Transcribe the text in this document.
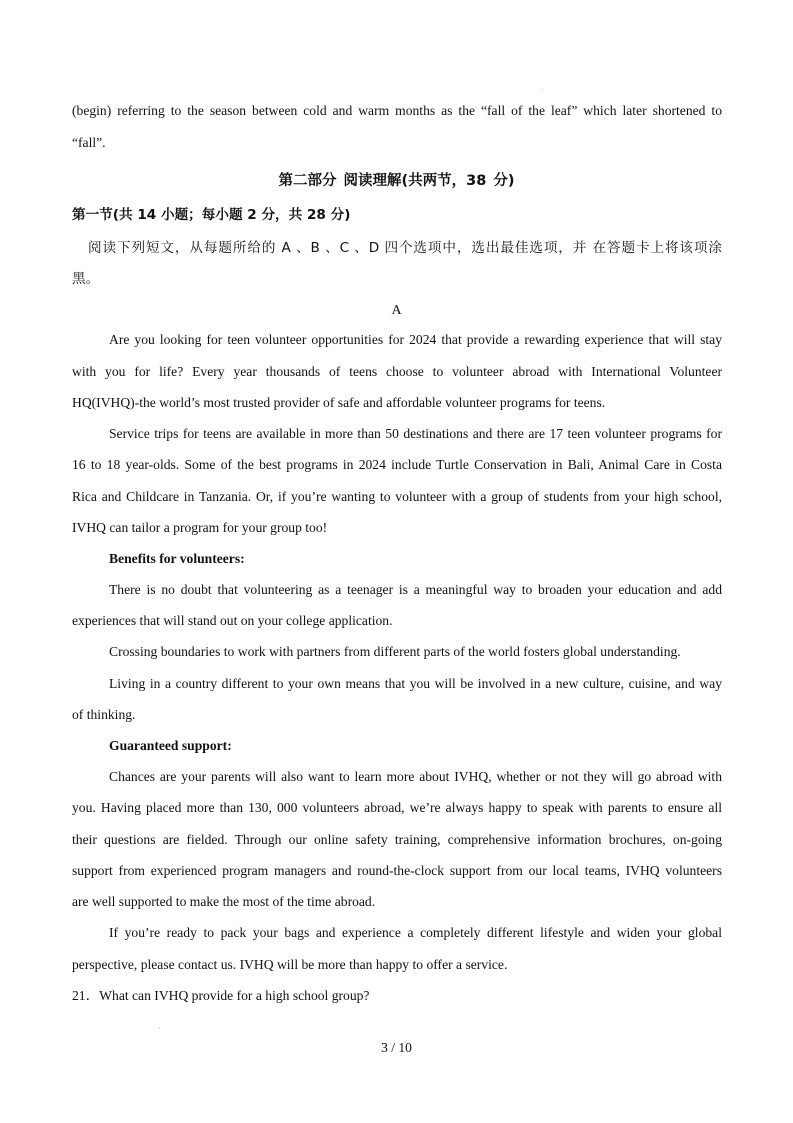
·
(begin) referring to the season between cold and warm months as the “fall of the leaf” which later shortened to
“fall”.
第二部分 阅读理解(共两节，38 分)
第一节(共 14 小题；每小题 2 分，共 28 分)
阅读下列短文，从每题所给的 A 、B 、C 、D 四个选项中，选出最佳选项，并 在答题卡上将该项涂
黑。
A
Are you looking for teen volunteer opportunities for 2024 that provide a rewarding experience that will stay
with you for life? Every year thousands of teens choose to volunteer abroad with International Volunteer
HQ(IVHQ)-the world’s most trusted provider of safe and affordable volunteer programs for teens.
Service trips for teens are available in more than 50 destinations and there are 17 teen volunteer programs for
16 to 18 year-olds. Some of the best programs in 2024 include Turtle Conservation in Bali, Animal Care in Costa
Rica and Childcare in Tanzania. Or, if you’re wanting to volunteer with a group of students from your high school,
IVHQ can tailor a program for your group too!
Benefits for volunteers:
There is no doubt that volunteering as a teenager is a meaningful way to broaden your education and add
experiences that will stand out on your college application.
Crossing boundaries to work with partners from different parts of the world fosters global understanding.
Living in a country different to your own means that you will be involved in a new culture, cuisine, and way
of thinking.
Guaranteed support:
Chances are your parents will also want to learn more about IVHQ, whether or not they will go abroad with
you. Having placed more than 130, 000 volunteers abroad, we’re always happy to speak with parents to ensure all
their questions are fielded. Through our online safety training, comprehensive information brochures, on-going
support from experienced program managers and round-the-clock support from our local teams, IVHQ volunteers
are well supported to make the most of the time abroad.
If you’re ready to pack your bags and experience a completely different lifestyle and widen your global
perspective, please contact us. IVHQ will be more than happy to offer a service.
21．What can IVHQ provide for a high school group?
·
3 / 10
